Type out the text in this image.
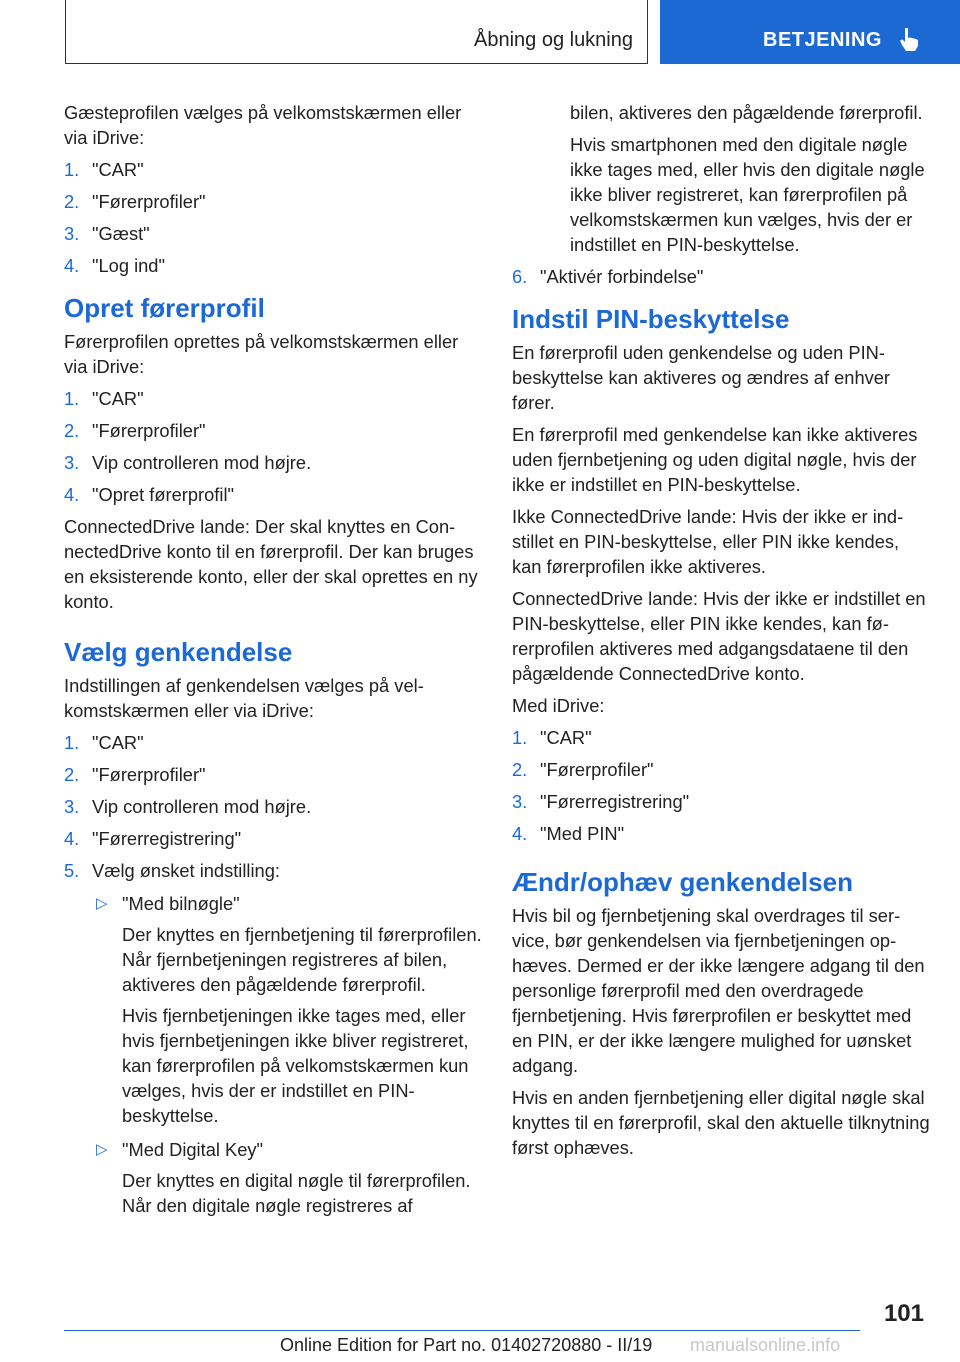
Åbning og lukning	BETJENING

Gæsteprofilen vælges på velkomstskærmen eller via iDrive:

1. "CAR"
2. "Førerprofiler"
3. "Gæst"
4. "Log ind"
Opret førerprofil

Førerprofilen oprettes på velkomstskærmen eller via iDrive:

1. "CAR"
2. "Førerprofiler"
3. Vip controlleren mod højre.
4. "Opret førerprofil"

ConnectedDrive lande: Der skal knyttes en ConnectedDrive konto til en førerprofil. Der kan bruges en eksisterende konto, eller der skal oprettes en ny konto.

Vælg genkendelse

Indstillingen af genkendelsen vælges på velkomstskærmen eller via iDrive:

1. "CAR"
2. "Førerprofiler"
3. Vip controlleren mod højre.
4. "Førerregistrering"
5. Vælg ønsket indstilling:
▷ "Med bilnøgle"

Der knyttes en fjernbetjening til førerprofilen. Når fjernbetjeningen registreres af bilen, aktiveres den pågældende førerprofil.

Hvis fjernbetjeningen ikke tages med, eller hvis fjernbetjeningen ikke bliver registreret, kan førerprofilen på velkomstskærmen kun vælges, hvis der er indstillet en PIN-beskyttelse.

▷ "Med Digital Key"

Der knyttes en digital nøgle til førerprofilen. Når den digitale nøgle registreres af

bilen, aktiveres den pågældende førerprofil.

Hvis smartphonen med den digitale nøgle ikke tages med, eller hvis den digitale nøgle ikke bliver registreret, kan førerprofilen på velkomstskærmen kun vælges, hvis der er indstillet en PIN-beskyttelse.

6. "Aktivér forbindelse"
Indstil PIN-beskyttelse

En førerprofil uden genkendelse og uden PIN-beskyttelse kan aktiveres og ændres af enhver fører.

En førerprofil med genkendelse kan ikke aktiveres uden fjernbetjening og uden digital nøgle, hvis der ikke er indstillet en PIN-beskyttelse.

Ikke ConnectedDrive lande: Hvis der ikke er indstillet en PIN-beskyttelse, eller PIN ikke kendes, kan førerprofilen ikke aktiveres.

ConnectedDrive lande: Hvis der ikke er indstillet en PIN-beskyttelse, eller PIN ikke kendes, kan førerprofilen aktiveres med adgangsdataene til den pågældende ConnectedDrive konto.

Med iDrive:

1. "CAR"
2. "Førerprofiler"
3. "Førerregistrering"
4. "Med PIN"
Ændr/ophæv genkendelsen

Hvis bil og fjernbetjening skal overdrages til service, bør genkendelsen via fjernbetjeningen ophæves. Dermed er der ikke længere adgang til den personlige førerprofil med den overdragede fjernbetjening. Hvis førerprofilen er beskyttet med en PIN, er der ikke længere mulighed for uønsket adgang.

Hvis en anden fjernbetjening eller digital nøgle skal knyttes til en førerprofil, skal den aktuelle tilknytning først ophæves.

101
Online Edition for Part no. 01402720880 - II/19 manualsonline.info
